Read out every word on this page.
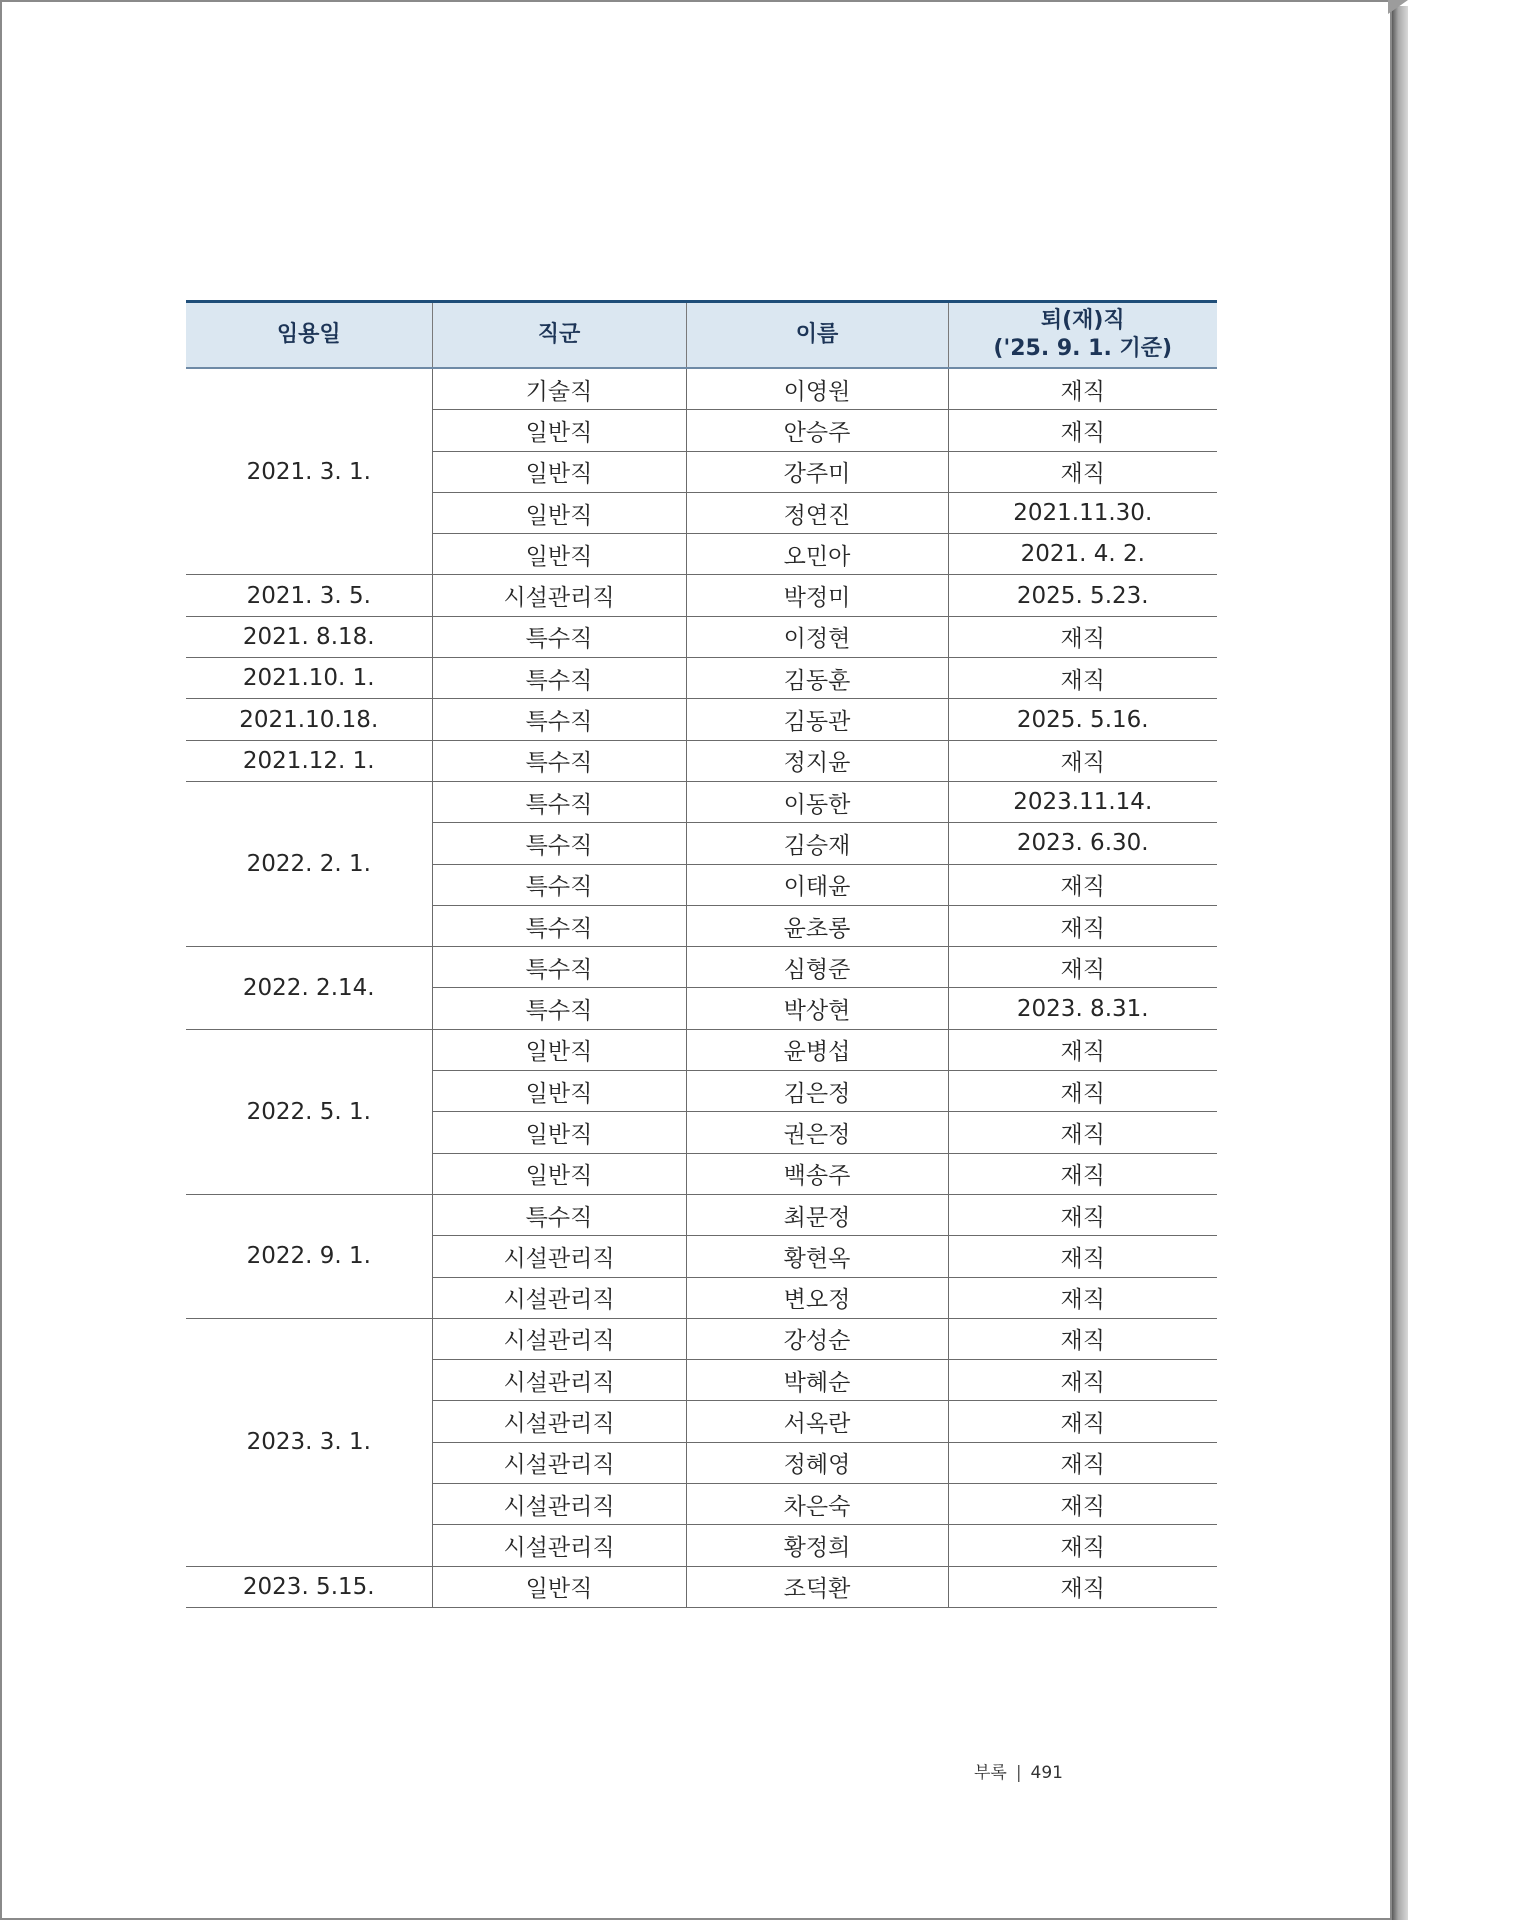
임용일	직군	이름	퇴(재)직
('25. 9. 1. 기준)

2021. 3. 1.	기술직	이영원	재직
	일반직	안승주	재직
	일반직	강주미	재직
	일반직	정연진	2021.11.30.
	일반직	오민아	2021. 4. 2.
2021. 3. 5.	시설관리직	박정미	2025. 5.23.
2021. 8.18.	특수직	이정현	재직
2021.10. 1.	특수직	김동훈	재직
2021.10.18.	특수직	김동관	2025. 5.16.
2021.12. 1.	특수직	정지윤	재직
2022. 2. 1.	특수직	이동한	2023.11.14.
	특수직	김승재	2023. 6.30.
	특수직	이태윤	재직
	특수직	윤초롱	재직
2022. 2.14.	특수직	심형준	재직
	특수직	박상현	2023. 8.31.
2022. 5. 1.	일반직	윤병섭	재직
	일반직	김은정	재직
	일반직	권은정	재직
	일반직	백송주	재직
2022. 9. 1.	특수직	최문정	재직
	시설관리직	황현옥	재직
	시설관리직	변오정	재직
2023. 3. 1.	시설관리직	강성순	재직
	시설관리직	박혜순	재직
	시설관리직	서옥란	재직
	시설관리직	정혜영	재직
	시설관리직	차은숙	재직
	시설관리직	황정희	재직
2023. 5.15.	일반직	조덕환	재직
부록 | 491
